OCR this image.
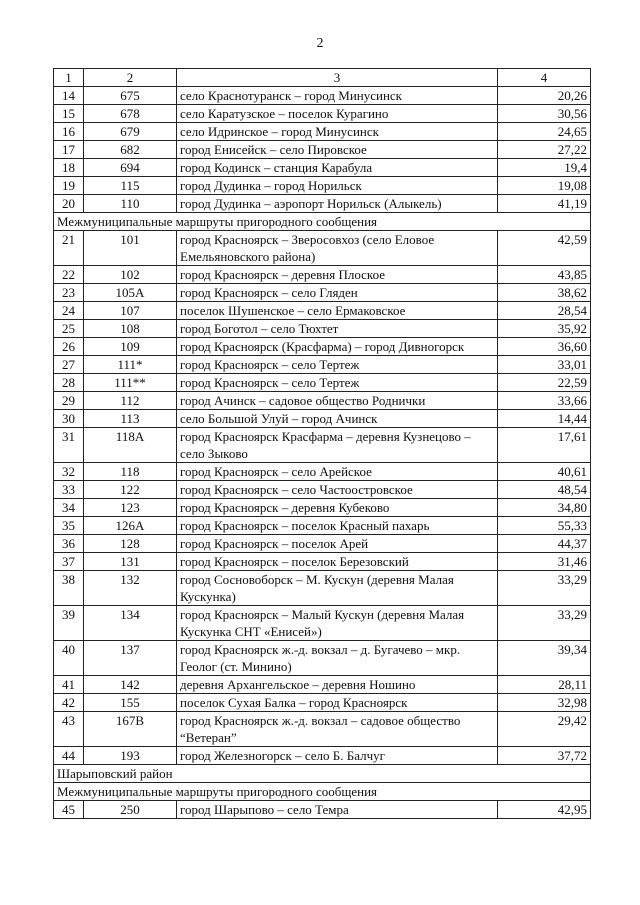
2
1	2	3	4
14	675	село Краснотуранск – город Минусинск	20,26
15	678	село Каратузское – поселок Курагино	30,56
16	679	село Идринское – город Минусинск	24,65
17	682	город Енисейск – село Пировское	27,22
18	694	город Кодинск – станция Карабула	19,4
19	115	город Дудинка – город Норильск	19,08
20	110	город Дудинка – аэропорт Норильск (Алыкель)	41,19
Межмуниципальные маршруты пригородного сообщения			
21	101	город Красноярск – Зверосовхоз (село Еловое Емельяновского района)	42,59
22	102	город Красноярск – деревня Плоское	43,85
23	105А	город Красноярск – село Гляден	38,62
24	107	поселок Шушенское – село Ермаковское	28,54
25	108	город Боготол – село Тюхтет	35,92
26	109	город Красноярск (Красфарма) – город Дивногорск	36,60
27	111*	город Красноярск – село Тертеж	33,01
28	111**	город Красноярск – село Тертеж	22,59
29	112	город Ачинск – садовое общество Роднички	33,66
30	113	село Большой Улуй – город Ачинск	14,44
31	118А	город Красноярск Красфарма – деревня Кузнецово – село Зыково	17,61
32	118	город Красноярск – село Арейское	40,61
33	122	город Красноярск – село Частоостровское	48,54
34	123	город Красноярск – деревня Кубеково	34,80
35	126А	город Красноярск – поселок Красный пахарь	55,33
36	128	город Красноярск – поселок Арей	44,37
37	131	город Красноярск – поселок Березовский	31,46
38	132	город Сосновоборск – М. Кускун (деревня Малая Кускунка)	33,29
39	134	город Красноярск – Малый Кускун (деревня Малая Кускунка СНТ «Енисей»)	33,29
40	137	город Красноярск ж.-д. вокзал – д. Бугачево – мкр. Геолог (ст. Минино)	39,34
41	142	деревня Архангельское – деревня Ношино	28,11
42	155	поселок Сухая Балка – город Красноярск	32,98
43	167В	город Красноярск ж.-д. вокзал – садовое общество “Ветеран”	29,42
44	193	город Железногорск – село Б. Балчуг	37,72
Шарыповский район			
Межмуниципальные маршруты пригородного сообщения			
45	250	город Шарыпово – село Темра	42,95
